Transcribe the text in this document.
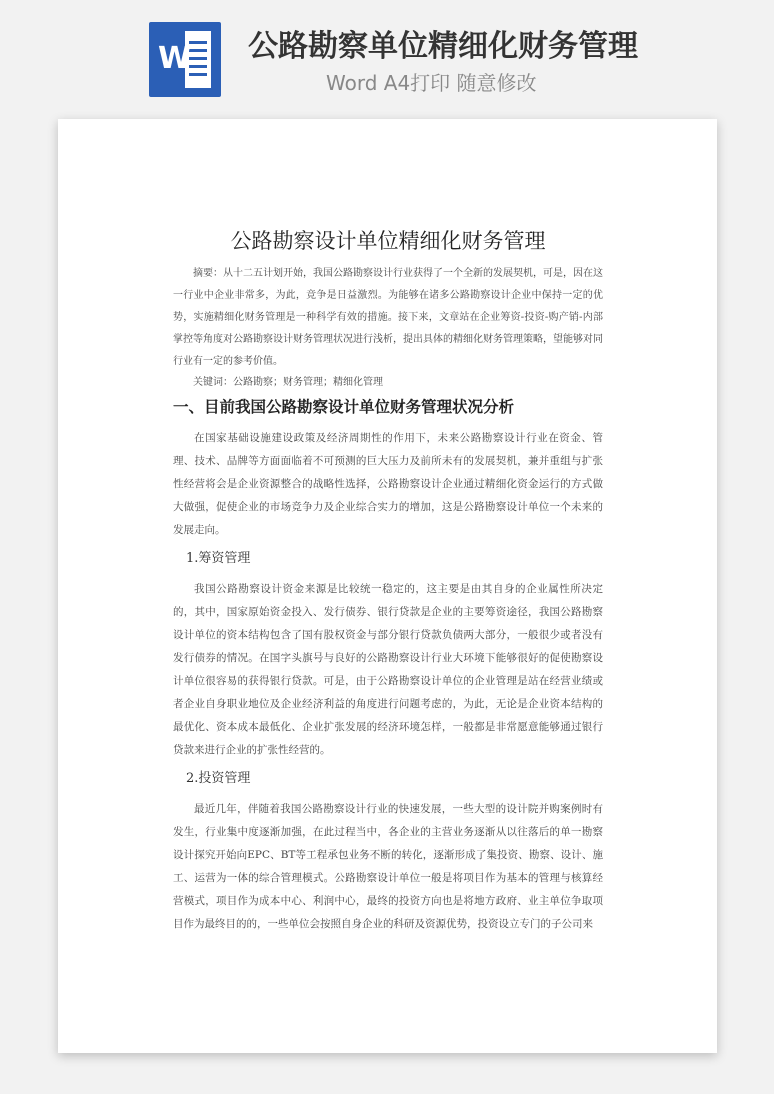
W 公路勘察单位精细化财务管理
Word A4打印 随意修改
公路勘察设计单位精细化财务管理

摘要：从十二五计划开始，我国公路勘察设计行业获得了一个全新的发展契机，可是，因在这一行业中企业非常多，为此，竞争是日益激烈。为能够在诸多公路勘察设计企业中保持一定的优势，实施精细化财务管理是一种科学有效的措施。接下来，文章站在企业筹资-投资-购产销-内部掌控等角度对公路勘察设计财务管理状况进行浅析，提出具体的精细化财务管理策略，望能够对同行业有一定的参考价值。

关键词：公路勘察；财务管理；精细化管理

一、目前我国公路勘察设计单位财务管理状况分析

在国家基础设施建设政策及经济周期性的作用下，未来公路勘察设计行业在资金、管理、技术、品牌等方面面临着不可预测的巨大压力及前所未有的发展契机，兼并重组与扩张性经营将会是企业资源整合的战略性选择，公路勘察设计企业通过精细化资金运行的方式做大做强，促使企业的市场竞争力及企业综合实力的增加，这是公路勘察设计单位一个未来的发展走向。

1.筹资管理

我国公路勘察设计资金来源是比较统一稳定的，这主要是由其自身的企业属性所决定的，其中，国家原始资金投入、发行债券、银行贷款是企业的主要筹资途径，我国公路勘察设计单位的资本结构包含了国有股权资金与部分银行贷款负债两大部分，一般很少或者没有发行债券的情况。在国字头旗号与良好的公路勘察设计行业大环境下能够很好的促使勘察设计单位很容易的获得银行贷款。可是，由于公路勘察设计单位的企业管理是站在经营业绩或者企业自身职业地位及企业经济利益的角度进行问题考虑的，为此，无论是企业资本结构的最优化、资本成本最低化、企业扩张发展的经济环境怎样，一般都是非常愿意能够通过银行贷款来进行企业的扩张性经营的。

2.投资管理

最近几年，伴随着我国公路勘察设计行业的快速发展，一些大型的设计院并购案例时有发生，行业集中度逐渐加强，在此过程当中，各企业的主营业务逐渐从以往落后的单一勘察设计探究开始向EPC、BT等工程承包业务不断的转化，逐渐形成了集投资、勘察、设计、施工、运营为一体的综合管理模式。公路勘察设计单位一般是将项目作为基本的管理与核算经营模式，项目作为成本中心、利润中心，最终的投资方向也是将地方政府、业主单位争取项目作为最终目的的，一些单位会按照自身企业的科研及资源优势，投资设立专门的子公司来
